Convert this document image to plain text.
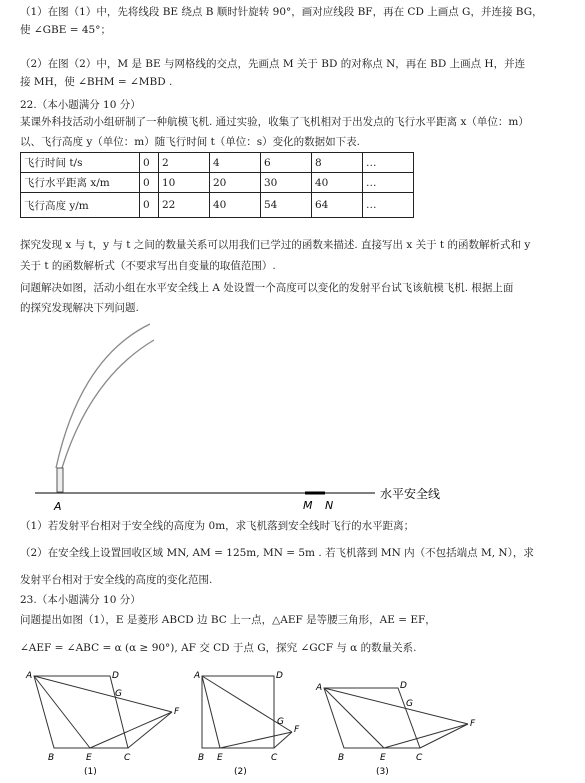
（1）在图（1）中，先将线段 BE 绕点 B 顺时针旋转 90°，画对应线段 BF，再在 CD 上画点 G，并连接 BG，
使 ∠GBE = 45°；
（2）在图（2）中，M 是 BE 与网格线的交点，先画点 M 关于 BD 的对称点 N，再在 BD 上画点 H，并连
接 MH，使 ∠BHM = ∠MBD .
22.（本小题满分 10 分）
某课外科技活动小组研制了一种航模飞机. 通过实验，收集了飞机相对于出发点的飞行水平距离 x（单位：m）
以、飞行高度 y（单位：m）随飞行时间 t（单位：s）变化的数据如下表.
飞行时间 t/s	0	2	4	6	8	…
飞行水平距离 x/m	0	10	20	30	40	…
飞行高度 y/m	0	22	40	54	64	…
探究发现 x 与 t，y 与 t 之间的数量关系可以用我们已学过的函数来描述. 直接写出 x 关于 t 的函数解析式和 y
关于 t 的函数解析式（不要求写出自变量的取值范围）.
问题解决如图，活动小组在水平安全线上 A 处设置一个高度可以变化的发射平台试飞该航模飞机. 根据上面
的探究发现解决下列问题.
A	M N
水平安全线
（1）若发射平台相对于安全线的高度为 0m，求飞机落到安全线时飞行的水平距离；
（2）在安全线上设置回收区域 MN, AM = 125m, MN = 5m . 若飞机落到 MN 内（不包括端点 M, N），求
发射平台相对于安全线的高度的变化范围.
23.（本小题满分 10 分）
问题提出如图（1），E 是菱形 ABCD 边 BC 上一点，△AEF 是等腰三角形，AE = EF，
∠AEF = ∠ABC = α (α ≥ 90°), AF 交 CD 于点 G，探究 ∠GCF 与 α 的数量关系.
A	D
G
F
B	E	C
(1)
A	D
G
F
B E	C
(2)
A	D
G
F
B	E	C
(3)
